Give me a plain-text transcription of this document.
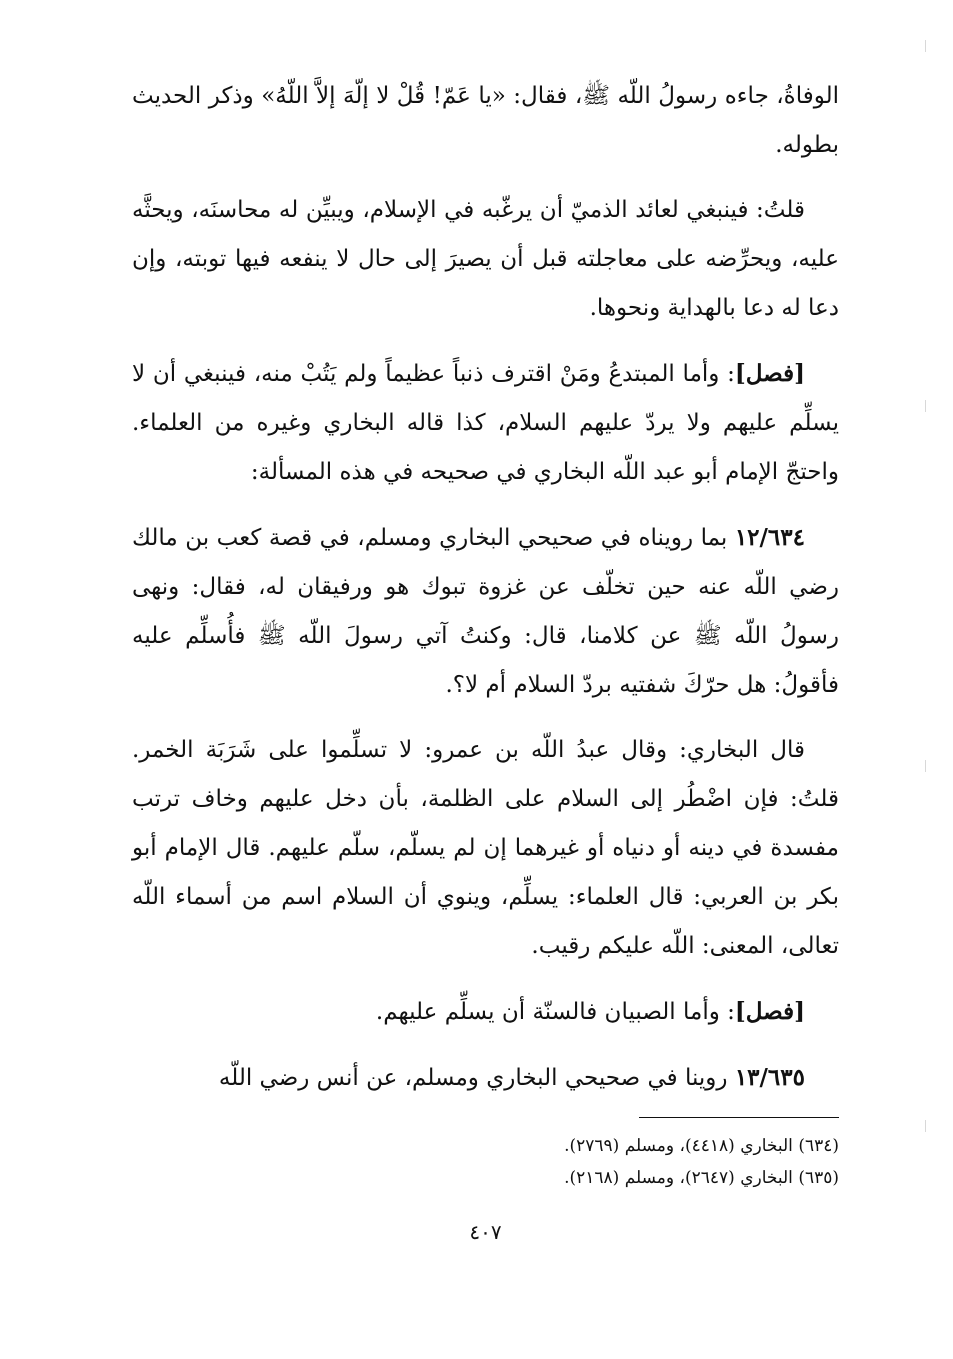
الوفاةُ، جاءه رسولُ اللّه ﷺ، فقال: «يا عَمّ! قُلْ لا إلّهَ إلاَّ اللّهُ» وذكر الحديث بطوله.

قلتُ: فينبغي لعائد الذميّ أن يرغّبه في الإسلام، ويبيِّن له محاسنَه، ويحثَّه عليه، ويحرِّضه على معاجلته قبل أن يصيرَ إلى حال لا ينفعه فيها توبته، وإن دعا له دعا بالهداية ونحوها.

[فصل]: وأما المبتدعُ ومَنْ اقترف ذنباً عظيماً ولم يَتُبْ منه، فينبغي أن لا يسلِّم عليهم ولا يردّ عليهم السلام، كذا قاله البخاري وغيره من العلماء. واحتجّ الإمام أبو عبد اللّه البخاري في صحيحه في هذه المسألة:

١٢/٦٣٤ بما رويناه في صحيحي البخاري ومسلم، في قصة كعب بن مالك رضي اللّه عنه حين تخلّف عن غزوة تبوك هو ورفيقان له، فقال: ونهى رسولُ اللّه ﷺ عن كلامنا، قال: وكنتُ آتي رسولَ اللّه ﷺ فأُسلِّم عليه فأقولُ: هل حرّكَ شفتيه بردّ السلام أم لا؟.

قال البخاري: وقال عبدُ اللّه بن عمرو: لا تسلِّموا على شَرَبَة الخمر. قلتُ: فإن اضْطُر إلى السلام على الظلمة، بأن دخل عليهم وخاف ترتب مفسدة في دينه أو دنياه أو غيرهما إن لم يسلّم، سلّم عليهم. قال الإمام أبو بكر بن العربي: قال العلماء: يسلِّم، وينوي أن السلام اسم من أسماء اللّه تعالى، المعنى: اللّه عليكم رقيب.

[فصل]: وأما الصبيان فالسنّة أن يسلِّم عليهم.

١٣/٦٣٥ روينا في صحيحي البخاري ومسلم، عن أنس رضي اللّه

(٦٣٤) البخاري (٤٤١٨)، ومسلم (٢٧٦٩).
(٦٣٥) البخاري (٢٦٤٧)، ومسلم (٢١٦٨).
٤٠٧
